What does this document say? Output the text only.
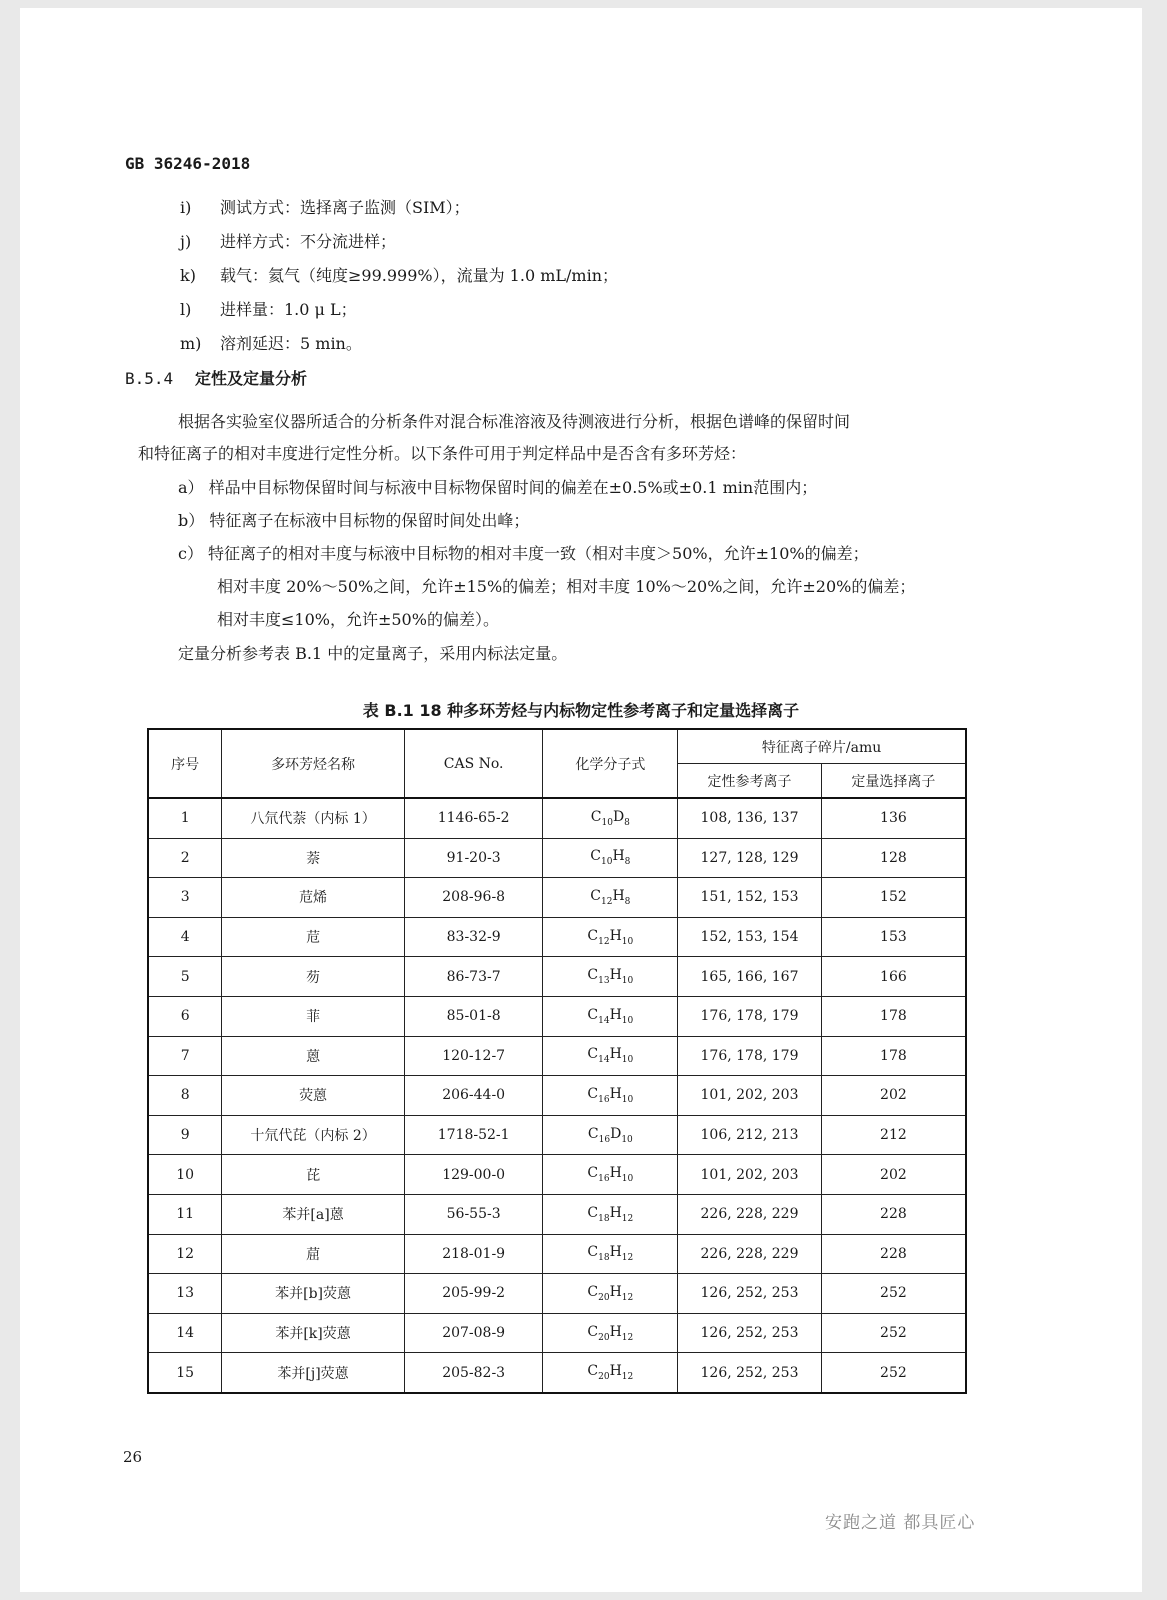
GB 36246-2018
i) 测试方式：选择离子监测（SIM）；
j) 进样方式：不分流进样；
k) 载气：氦气（纯度≥99.999%），流量为 1.0 mL/min；
l) 进样量：1.0 μ L；
m) 溶剂延迟：5 min。
B.5.4 定性及定量分析
根据各实验室仪器所适合的分析条件对混合标准溶液及待测液进行分析，根据色谱峰的保留时间
和特征离子的相对丰度进行定性分析。以下条件可用于判定样品中是否含有多环芳烃：
a） 样品中目标物保留时间与标液中目标物保留时间的偏差在±0.5%或±0.1 min范围内；
b） 特征离子在标液中目标物的保留时间处出峰；
c） 特征离子的相对丰度与标液中目标物的相对丰度一致（相对丰度＞50%，允许±10%的偏差；
相对丰度 20%～50%之间，允许±15%的偏差；相对丰度 10%～20%之间，允许±20%的偏差；
相对丰度≤10%，允许±50%的偏差）。
定量分析参考表 B.1 中的定量离子，采用内标法定量。
表 B.1 18 种多环芳烃与内标物定性参考离子和定量选择离子
序号	多环芳烃名称	CAS No.	化学分子式	特征离子碎片/amu	
				定性参考离子	定量选择离子
1	八氘代萘（内标 1）	1146-65-2	$C_{10}D_8$	108, 136, 137	136
2	萘	91-20-3	$C_{10}H_8$	127, 128, 129	128
3	苊烯	208-96-8	$C_{12}H_8$	151, 152, 153	152
4	苊	83-32-9	$C_{12}H_{10}$	152, 153, 154	153
5	芴	86-73-7	$C_{13}H_{10}$	165, 166, 167	166
6	菲	85-01-8	$C_{14}H_{10}$	176, 178, 179	178
7	蒽	120-12-7	$C_{14}H_{10}$	176, 178, 179	178
8	荧蒽	206-44-0	$C_{16}H_{10}$	101, 202, 203	202
9	十氘代芘（内标 2）	1718-52-1	$C_{16}D_{10}$	106, 212, 213	212
10	芘	129-00-0	$C_{16}H_{10}$	101, 202, 203	202
11	苯并[a]蒽	56-55-3	$C_{18}H_{12}$	226, 228, 229	228
12	䓛	218-01-9	$C_{18}H_{12}$	226, 228, 229	228
13	苯并[b]荧蒽	205-99-2	$C_{20}H_{12}$	126, 252, 253	252
14	苯并[k]荧蒽	207-08-9	$C_{20}H_{12}$	126, 252, 253	252
15	苯并[j]荧蒽	205-82-3	$C_{20}H_{12}$	126, 252, 253	252
26
安跑之道 都具匠心
